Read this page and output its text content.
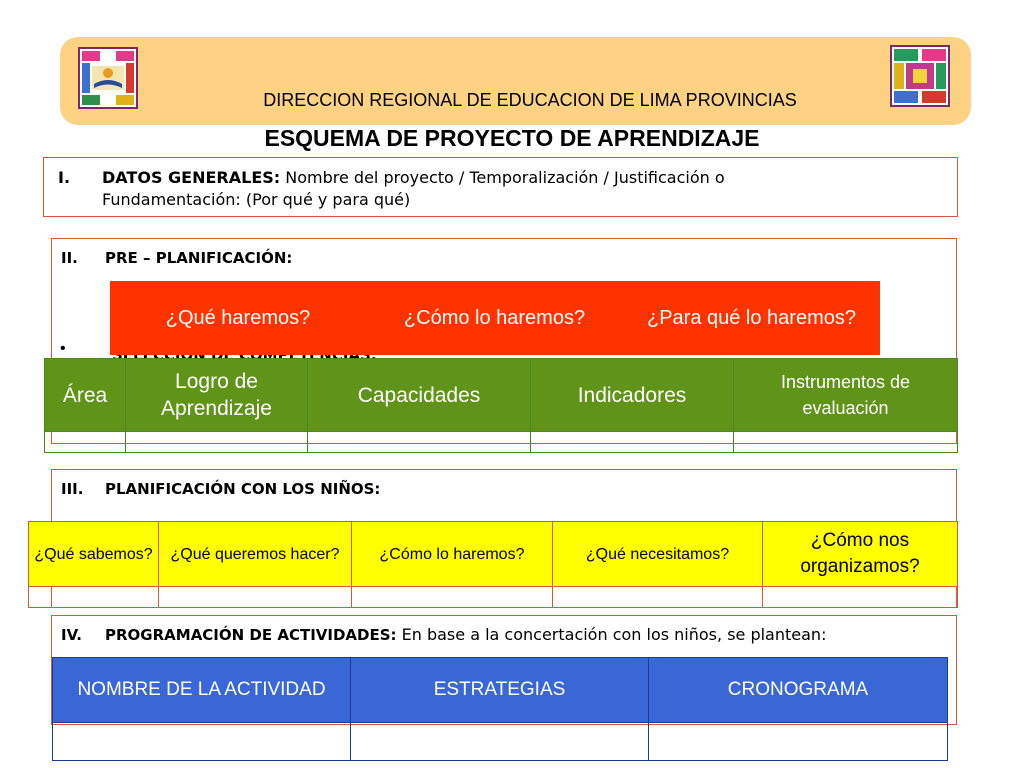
DIRECCION REGIONAL DE EDUCACION DE LIMA PROVINCIAS
ESQUEMA DE PROYECTO DE APRENDIZAJE
I. DATOS GENERALES: Nombre del proyecto / Temporalización / Justificación o
Fundamentación: (Por qué y para qué)
II. PRE – PLANIFICACIÓN:
•
¿Qué haremos?	¿Cómo lo haremos?	¿Para qué lo haremos?
Área	Logro de Aprendizaje	Capacidades	Indicadores	Instrumentos de evaluación

III. PLANIFICACIÓN CON LOS NIÑOS:
¿Qué sabemos?	¿Qué queremos hacer?	¿Cómo lo haremos?	¿Qué necesitamos?	¿Cómo nos organizamos?

IV. PROGRAMACIÓN DE ACTIVIDADES: En base a la concertación con los niños, se plantean:
NOMBRE DE LA ACTIVIDAD	ESTRATEGIAS	CRONOGRAMA
